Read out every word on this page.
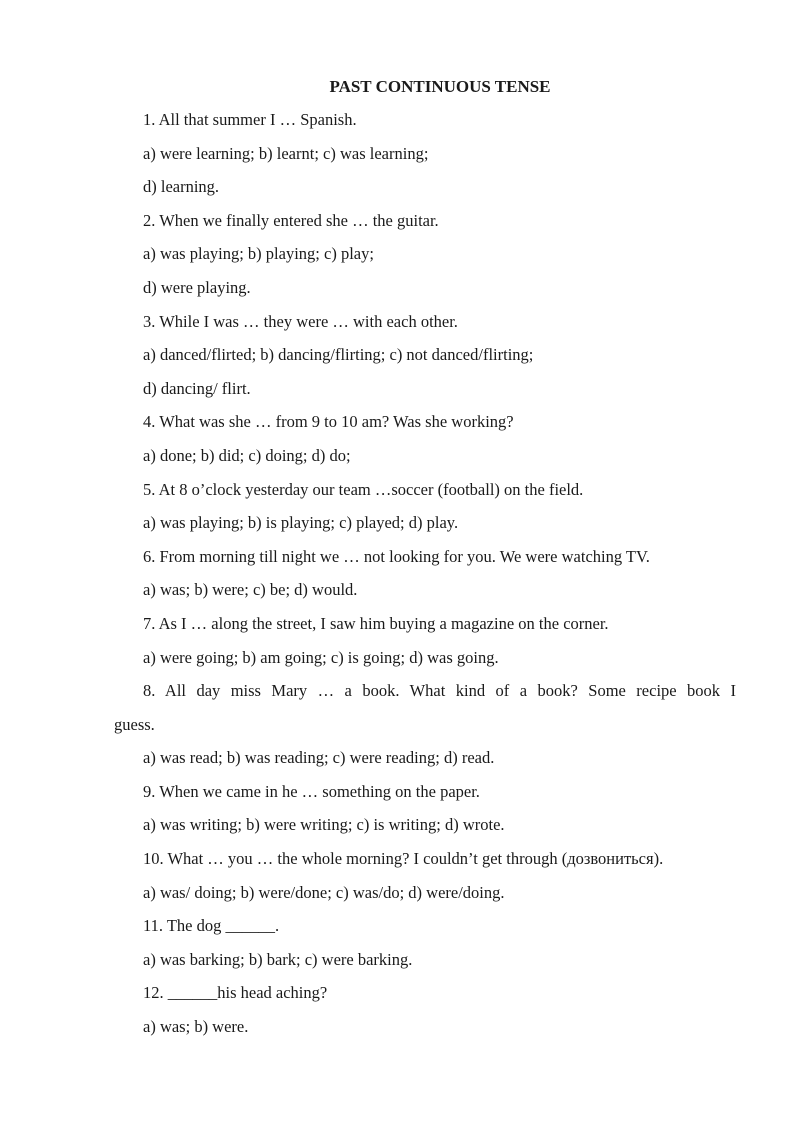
PAST CONTINUOUS TENSE
1. All that summer I … Spanish.
a) were learning; b) learnt; c) was learning;
d) learning.
2. When we finally entered she … the guitar.
a) was playing; b) playing; c) play;
d) were playing.
3. While I was … they were … with each other.
a) danced/flirted; b) dancing/flirting; c) not danced/flirting;
d) dancing/ flirt.
4. What was she … from 9 to 10 am? Was she working?
a) done; b) did; c) doing; d) do;
5. At 8 o’clock yesterday our team …soccer (football) on the field.
a) was playing; b) is playing; c) played; d) play.
6. From morning till night we … not looking for you. We were watching TV.
a) was; b) were; c) be; d) would.
7. As I … along the street, I saw him buying a magazine on the corner.
a) were going; b) am going; c) is going; d) was going.
8. All day miss Mary … a book. What kind of a book? Some recipe book I
guess.
a) was read; b) was reading; c) were reading; d) read.
9. When we came in he … something on the paper.
a) was writing; b) were writing; c) is writing; d) wrote.
10. What … you … the whole morning? I couldn’t get through (дозвониться).
a) was/ doing; b) were/done; c) was/do; d) were/doing.
11. The dog ______.
a) was barking; b) bark; c) were barking.
12. ______his head aching?
a) was; b) were.
